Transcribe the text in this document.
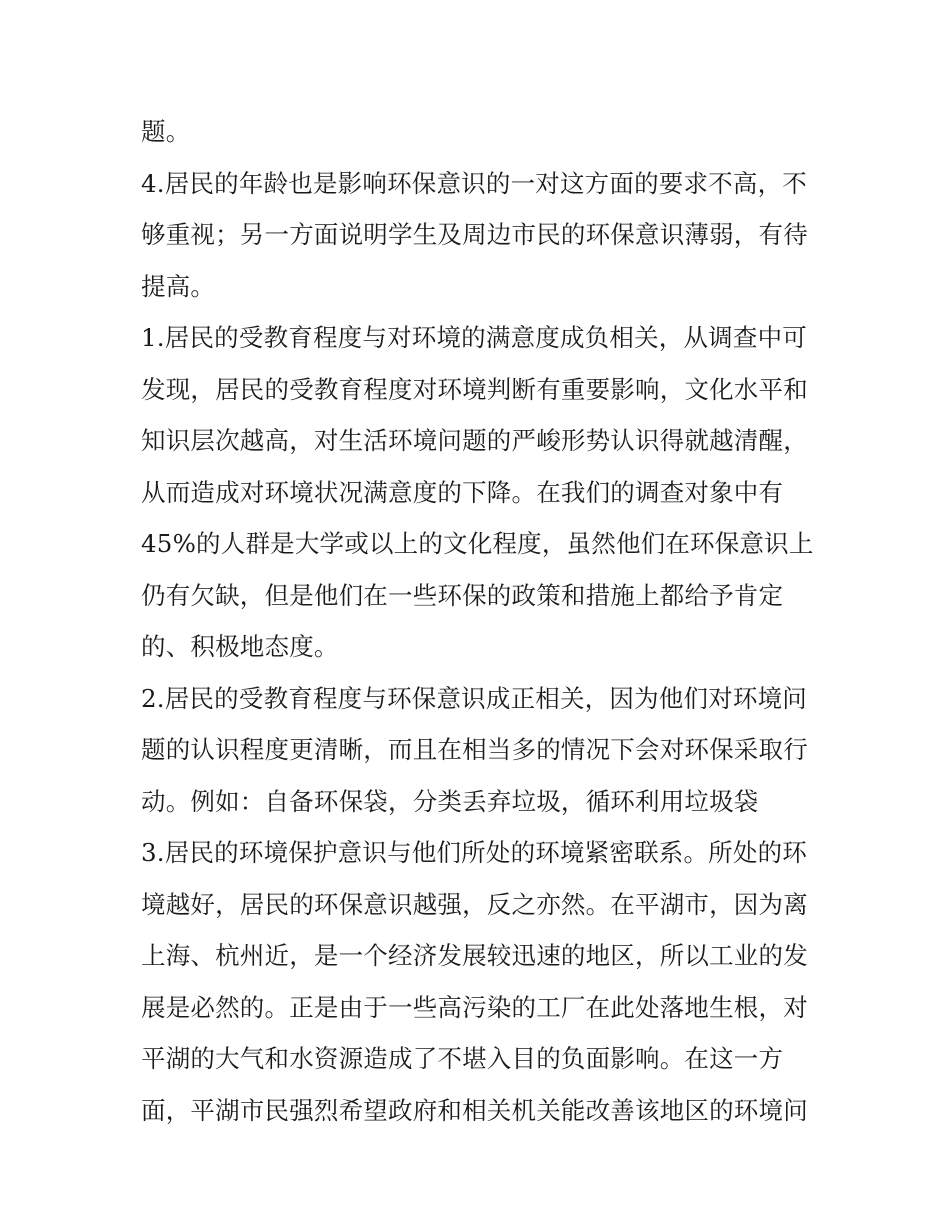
题。
4.居民的年龄也是影响环保意识的一对这方面的要求不高，不
够重视；另一方面说明学生及周边市民的环保意识薄弱，有待
提高。
1.居民的受教育程度与对环境的满意度成负相关，从调查中可
发现，居民的受教育程度对环境判断有重要影响，文化水平和
知识层次越高，对生活环境问题的严峻形势认识得就越清醒，
从而造成对环境状况满意度的下降。在我们的调查对象中有
45%的人群是大学或以上的文化程度，虽然他们在环保意识上
仍有欠缺，但是他们在一些环保的政策和措施上都给予肯定
的、积极地态度。
2.居民的受教育程度与环保意识成正相关，因为他们对环境问
题的认识程度更清晰，而且在相当多的情况下会对环保采取行
动。例如：自备环保袋，分类丢弃垃圾，循环利用垃圾袋
3.居民的环境保护意识与他们所处的环境紧密联系。所处的环
境越好，居民的环保意识越强，反之亦然。在平湖市，因为离
上海、杭州近，是一个经济发展较迅速的地区，所以工业的发
展是必然的。正是由于一些高污染的工厂在此处落地生根，对
平湖的大气和水资源造成了不堪入目的负面影响。在这一方
面，平湖市民强烈希望政府和相关机关能改善该地区的环境问
